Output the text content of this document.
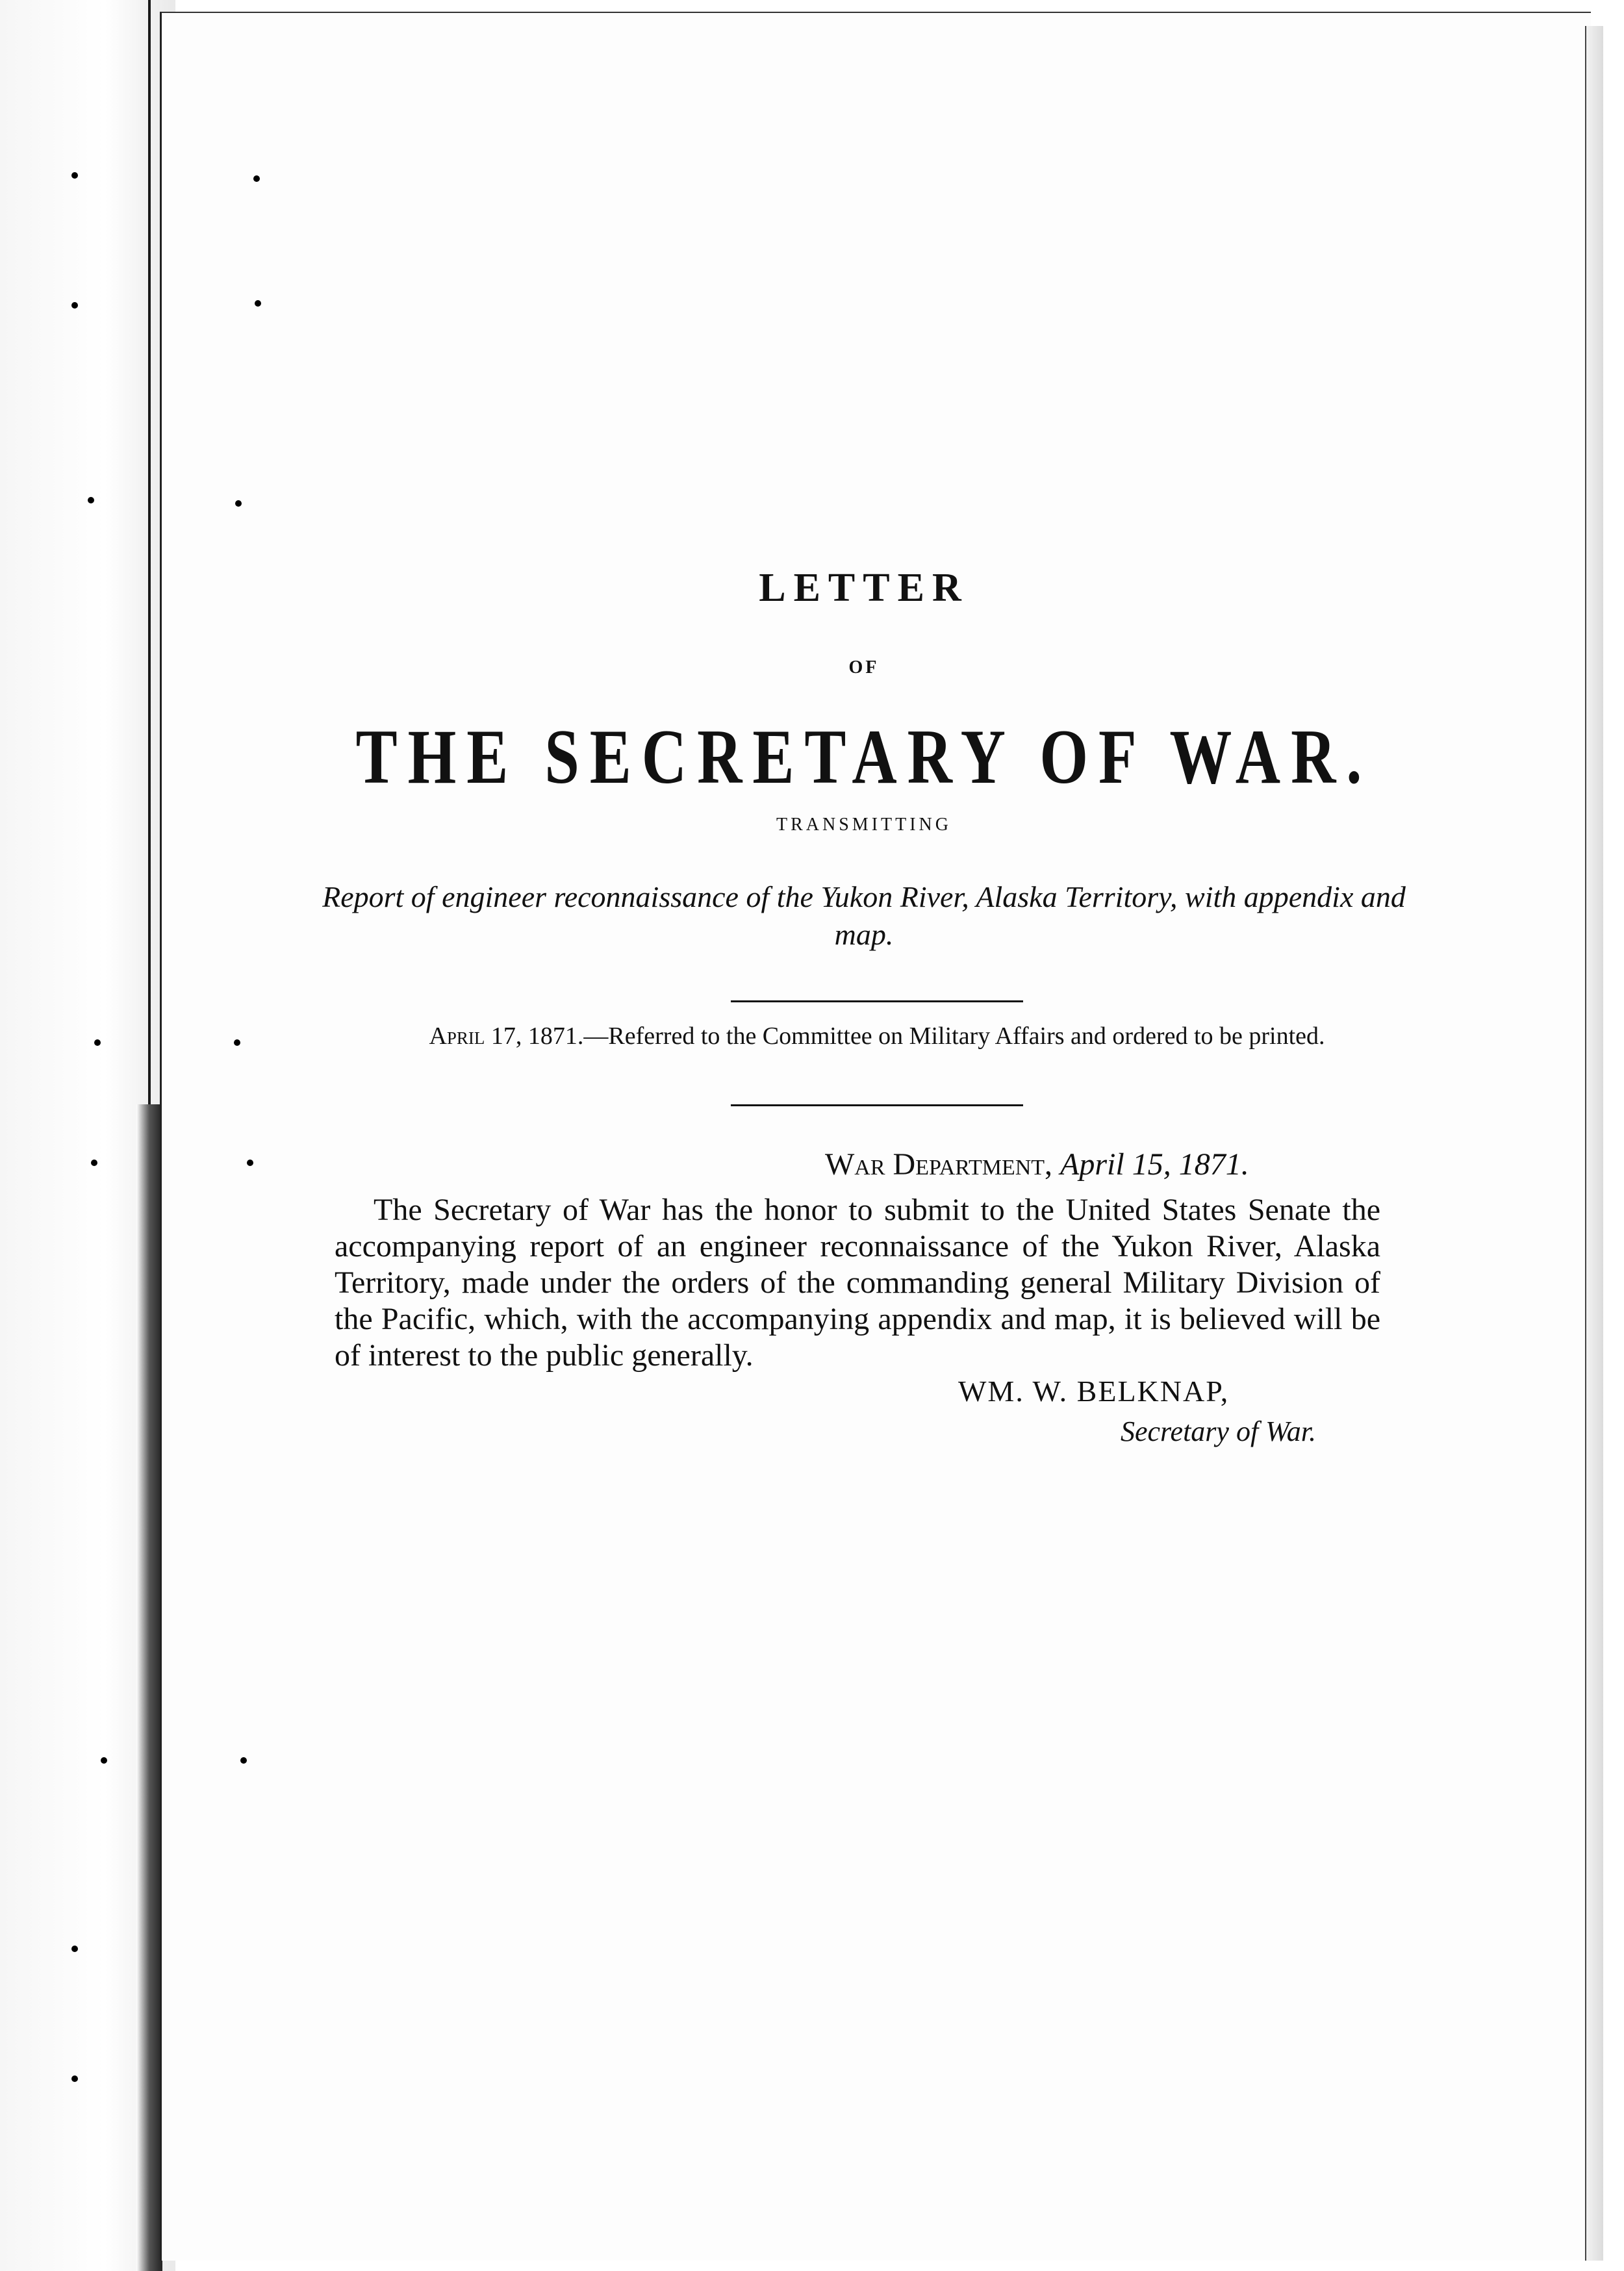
LETTER
OF
THE SECRETARY OF WAR.
TRANSMITTING
Report of engineer reconnaissance of the Yukon River, Alaska Territory, with appendix and map.
April 17, 1871.—Referred to the Committee on Military Affairs and ordered to be printed.
War Department, April 15, 1871.
The Secretary of War has the honor to submit to the United States Senate the accompanying report of an engineer reconnaissance of the Yukon River, Alaska Territory, made under the orders of the commanding general Military Division of the Pacific, which, with the accompanying appendix and map, it is believed will be of interest to the public generally.
WM. W. BELKNAP,
Secretary of War.
